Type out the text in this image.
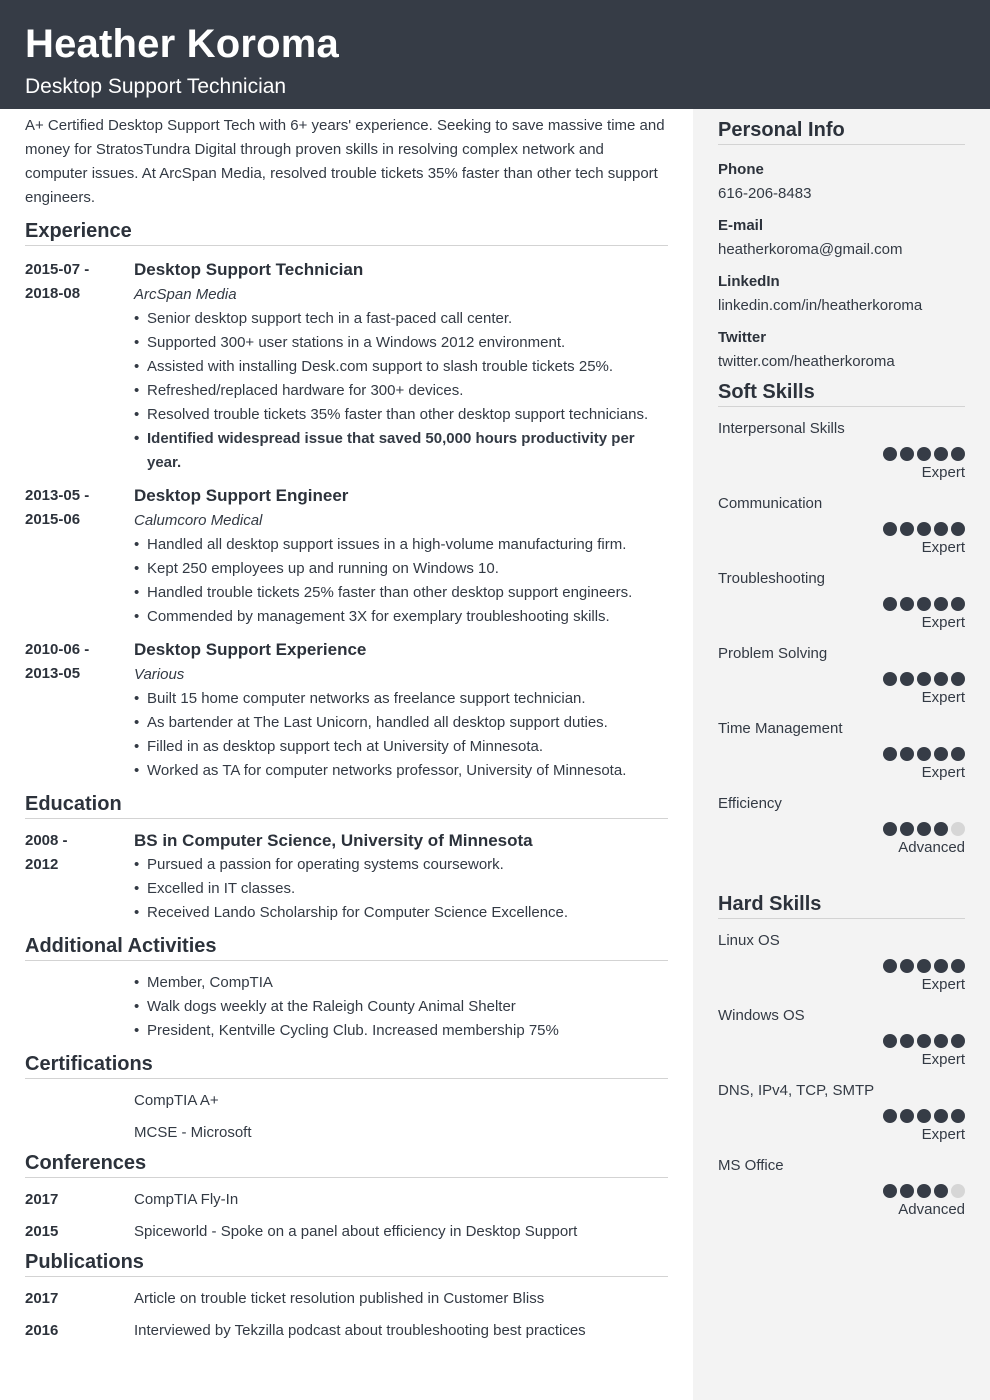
Heather Koroma
Desktop Support Technician
Personal Info
Phone
616-206-8483
E-mail
heatherkoroma@gmail.com
LinkedIn
linkedin.com/in/heatherkoroma
Twitter
twitter.com/heatherkoroma
Soft Skills
Interpersonal Skills
Expert
Communication
Expert
Troubleshooting
Expert
Problem Solving
Expert
Time Management
Expert
Efficiency
Advanced
Hard Skills
Linux OS
Expert
Windows OS
Expert
DNS, IPv4, TCP, SMTP
Expert
MS Office
Advanced
A+ Certified Desktop Support Tech with 6+ years' experience. Seeking to save massive time and money for StratosTundra Digital through proven skills in resolving complex network and computer issues. At ArcSpan Media, resolved trouble tickets 35% faster than other tech support engineers.
Experience
2015-07 -
2018-08
Desktop Support Technician
ArcSpan Media
• Senior desktop support tech in a fast-paced call center.
• Supported 300+ user stations in a Windows 2012 environment.
• Assisted with installing Desk.com support to slash trouble tickets 25%.
• Refreshed/replaced hardware for 300+ devices.
• Resolved trouble tickets 35% faster than other desktop support technicians.
• Identified widespread issue that saved 50,000 hours productivity per year.
2013-05 -
2015-06
Desktop Support Engineer
Calumcoro Medical
• Handled all desktop support issues in a high-volume manufacturing firm.
• Kept 250 employees up and running on Windows 10.
• Handled trouble tickets 25% faster than other desktop support engineers.
• Commended by management 3X for exemplary troubleshooting skills.
2010-06 -
2013-05
Desktop Support Experience
Various
• Built 15 home computer networks as freelance support technician.
• As bartender at The Last Unicorn, handled all desktop support duties.
• Filled in as desktop support tech at University of Minnesota.
• Worked as TA for computer networks professor, University of Minnesota.
Education
2008 -
2012
BS in Computer Science, University of Minnesota
• Pursued a passion for operating systems coursework.
• Excelled in IT classes.
• Received Lando Scholarship for Computer Science Excellence.
Additional Activities
• Member, CompTIA
• Walk dogs weekly at the Raleigh County Animal Shelter
• President, Kentville Cycling Club. Increased membership 75%
Certifications
CompTIA A+
MCSE - Microsoft
Conferences
2017	CompTIA Fly-In
2015	Spiceworld - Spoke on a panel about efficiency in Desktop Support
Publications
2017	Article on trouble ticket resolution published in Customer Bliss
2016	Interviewed by Tekzilla podcast about troubleshooting best practices
